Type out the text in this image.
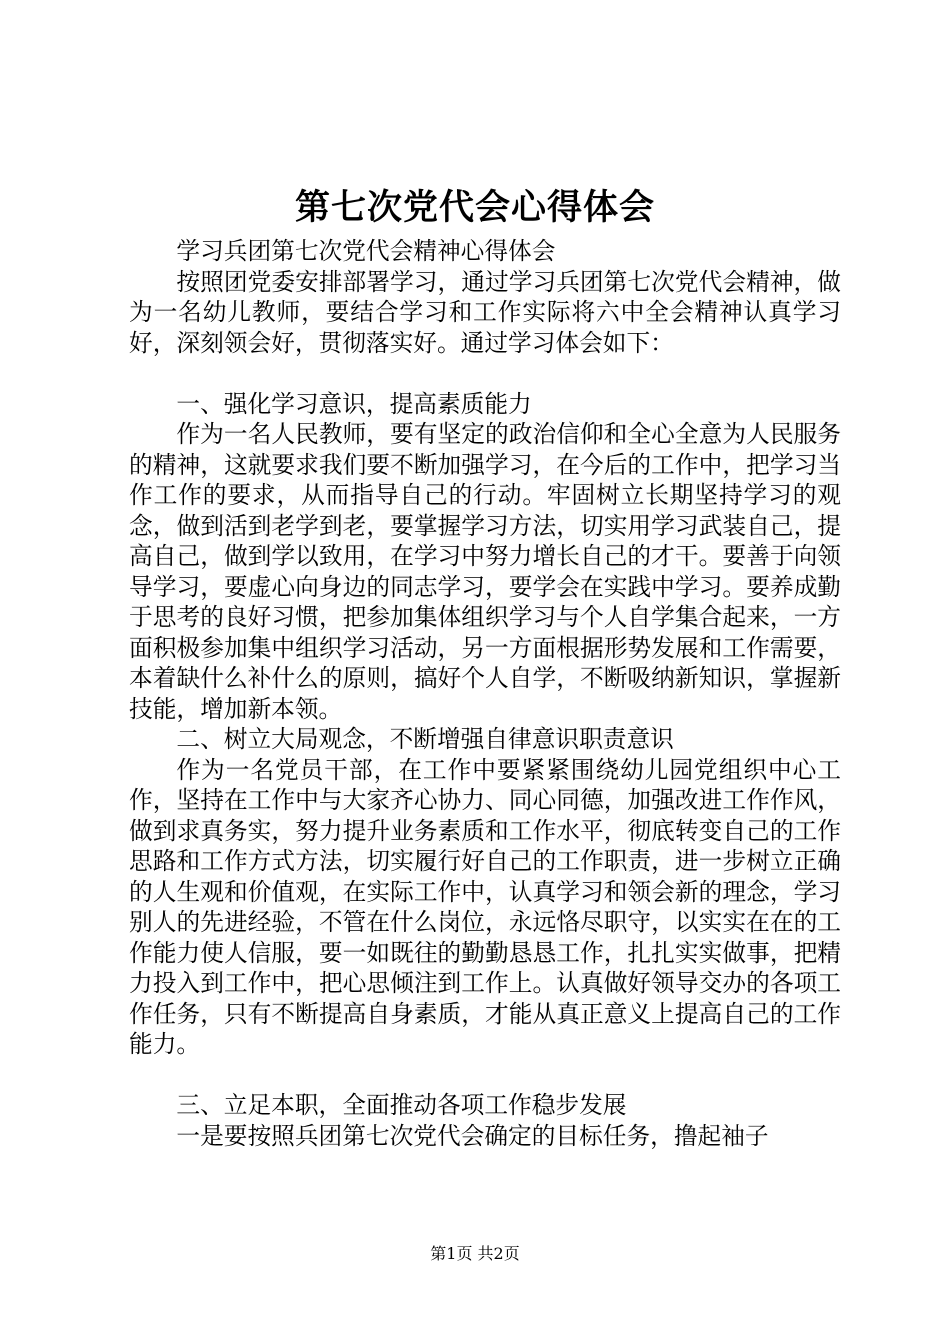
第七次党代会心得体会

学习兵团第七次党代会精神心得体会

按照团党委安排部署学习，通过学习兵团第七次党代会精神，做为一名幼儿教师，要结合学习和工作实际将六中全会精神认真学习好，深刻领会好，贯彻落实好。通过学习体会如下：

一、强化学习意识，提高素质能力

作为一名人民教师，要有坚定的政治信仰和全心全意为人民服务的精神，这就要求我们要不断加强学习，在今后的工作中，把学习当作工作的要求，从而指导自己的行动。牢固树立长期坚持学习的观念，做到活到老学到老，要掌握学习方法，切实用学习武装自己，提高自己，做到学以致用，在学习中努力增长自己的才干。要善于向领导学习，要虚心向身边的同志学习，要学会在实践中学习。要养成勤于思考的良好习惯，把参加集体组织学习与个人自学集合起来，一方面积极参加集中组织学习活动，另一方面根据形势发展和工作需要，本着缺什么补什么的原则，搞好个人自学，不断吸纳新知识，掌握新技能，增加新本领。

二、树立大局观念，不断增强自律意识职责意识

作为一名党员干部，在工作中要紧紧围绕幼儿园党组织中心工作，坚持在工作中与大家齐心协力、同心同德，加强改进工作作风，做到求真务实，努力提升业务素质和工作水平，彻底转变自己的工作思路和工作方式方法，切实履行好自己的工作职责，进一步树立正确的人生观和价值观，在实际工作中，认真学习和领会新的理念，学习别人的先进经验，不管在什么岗位，永远恪尽职守，以实实在在的工作能力使人信服，要一如既往的勤勤恳恳工作，扎扎实实做事，把精力投入到工作中，把心思倾注到工作上。认真做好领导交办的各项工作任务，只有不断提高自身素质，才能从真正意义上提高自己的工作能力。

三、立足本职，全面推动各项工作稳步发展

一是要按照兵团第七次党代会确定的目标任务，撸起袖子

第1页 共2页
